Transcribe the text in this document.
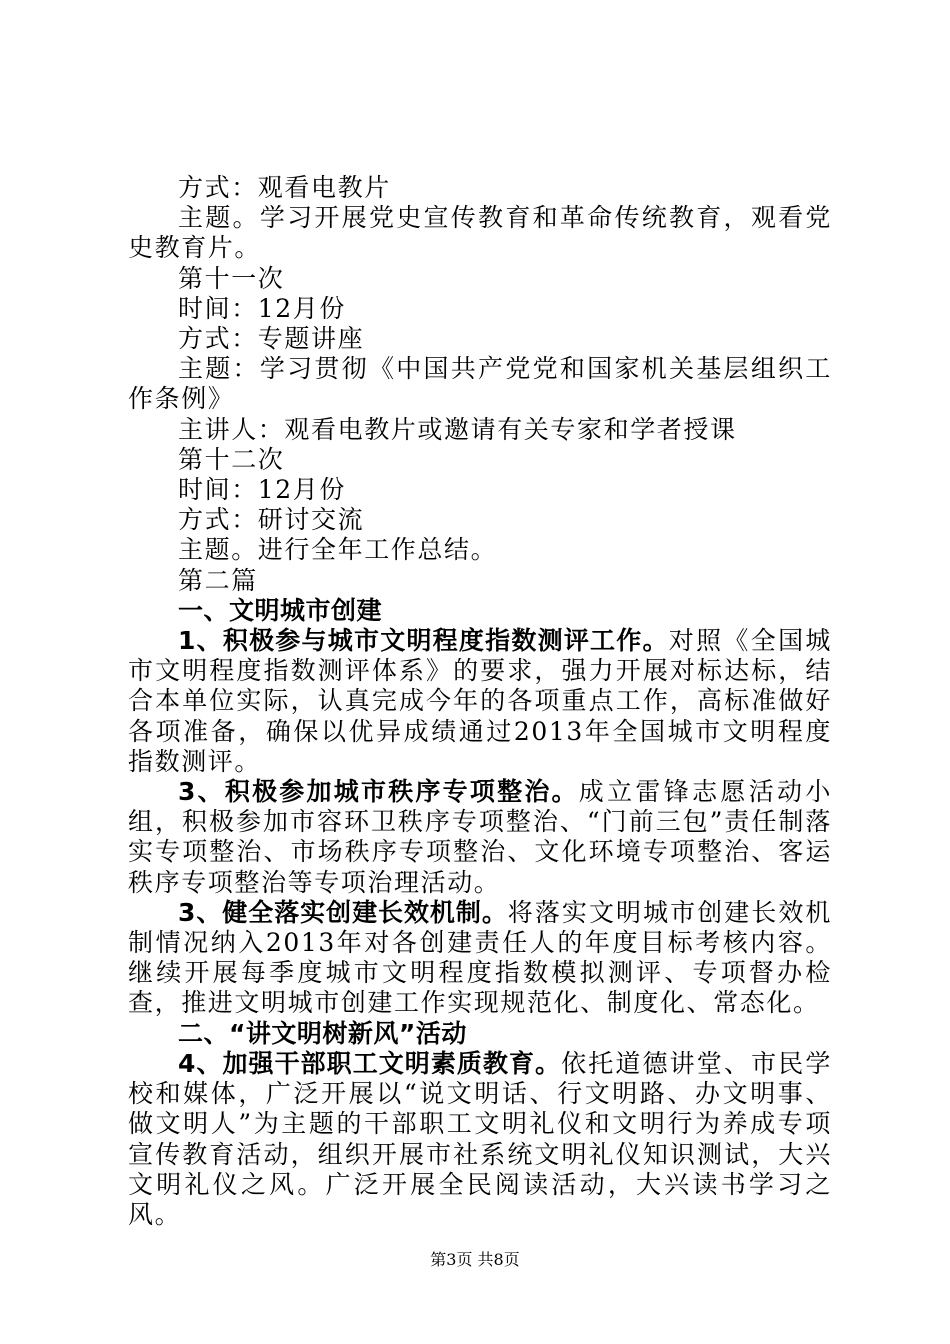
方式：观看电教片

主题。学习开展党史宣传教育和革命传统教育，观看党史教育片。

第十一次

时间：12月份

方式：专题讲座

主题：学习贯彻《中国共产党党和国家机关基层组织工作条例》

主讲人：观看电教片或邀请有关专家和学者授课

第十二次

时间：12月份

方式：研讨交流

主题。进行全年工作总结。

第二篇

一、文明城市创建

1、积极参与城市文明程度指数测评工作。对照《全国城市文明程度指数测评体系》的要求，强力开展对标达标，结合本单位实际，认真完成今年的各项重点工作，高标准做好各项准备，确保以优异成绩通过2013年全国城市文明程度指数测评。

3、积极参加城市秩序专项整治。成立雷锋志愿活动小组，积极参加市容环卫秩序专项整治、“门前三包”责任制落实专项整治、市场秩序专项整治、文化环境专项整治、客运秩序专项整治等专项治理活动。

3、健全落实创建长效机制。将落实文明城市创建长效机制情况纳入2013年对各创建责任人的年度目标考核内容。继续开展每季度城市文明程度指数模拟测评、专项督办检查，推进文明城市创建工作实现规范化、制度化、常态化。

二、“讲文明树新风”活动

4、加强干部职工文明素质教育。依托道德讲堂、市民学校和媒体，广泛开展以“说文明话、行文明路、办文明事、做文明人”为主题的干部职工文明礼仪和文明行为养成专项宣传教育活动，组织开展市社系统文明礼仪知识测试，大兴文明礼仪之风。广泛开展全民阅读活动，大兴读书学习之风。

第3页 共8页
